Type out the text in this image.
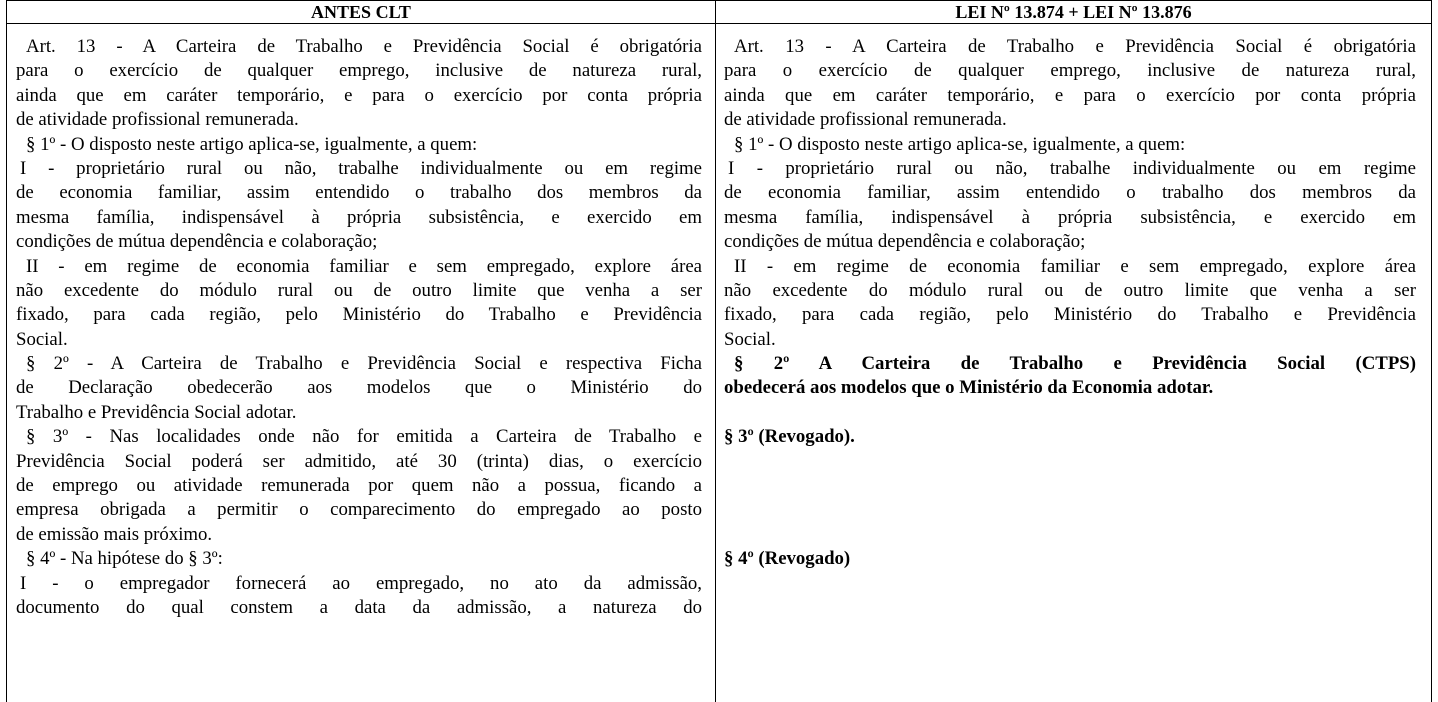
ANTES CLT	LEI Nº 13.874 + LEI Nº 13.876
Art. 13 - A Carteira de Trabalho e Previdência Social é obrigatória
para o exercício de qualquer emprego, inclusive de natureza rural,
ainda que em caráter temporário, e para o exercício por conta própria
de atividade profissional remunerada.
§ 1º - O disposto neste artigo aplica-se, igualmente, a quem:
I - proprietário rural ou não, trabalhe individualmente ou em regime
de economia familiar, assim entendido o trabalho dos membros da
mesma família, indispensável à própria subsistência, e exercido em
condições de mútua dependência e colaboração;
II - em regime de economia familiar e sem empregado, explore área
não excedente do módulo rural ou de outro limite que venha a ser
fixado, para cada região, pelo Ministério do Trabalho e Previdência
Social.
§ 2º - A Carteira de Trabalho e Previdência Social e respectiva Ficha
de Declaração obedecerão aos modelos que o Ministério do
Trabalho e Previdência Social adotar.
§ 3º - Nas localidades onde não for emitida a Carteira de Trabalho e
Previdência Social poderá ser admitido, até 30 (trinta) dias, o exercício
de emprego ou atividade remunerada por quem não a possua, ficando a
empresa obrigada a permitir o comparecimento do empregado ao posto
de emissão mais próximo.
§ 4º - Na hipótese do § 3º:
I - o empregador fornecerá ao empregado, no ato da admissão,
documento do qual constem a data da admissão, a natureza do
Art. 13 - A Carteira de Trabalho e Previdência Social é obrigatória
para o exercício de qualquer emprego, inclusive de natureza rural,
ainda que em caráter temporário, e para o exercício por conta própria
de atividade profissional remunerada.
§ 1º - O disposto neste artigo aplica-se, igualmente, a quem:
I - proprietário rural ou não, trabalhe individualmente ou em regime
de economia familiar, assim entendido o trabalho dos membros da
mesma família, indispensável à própria subsistência, e exercido em
condições de mútua dependência e colaboração;
II - em regime de economia familiar e sem empregado, explore área
não excedente do módulo rural ou de outro limite que venha a ser
fixado, para cada região, pelo Ministério do Trabalho e Previdência
Social.
§ 2º A Carteira de Trabalho e Previdência Social (CTPS)
obedecerá aos modelos que o Ministério da Economia adotar.
§ 3º (Revogado).
§ 4º (Revogado)
